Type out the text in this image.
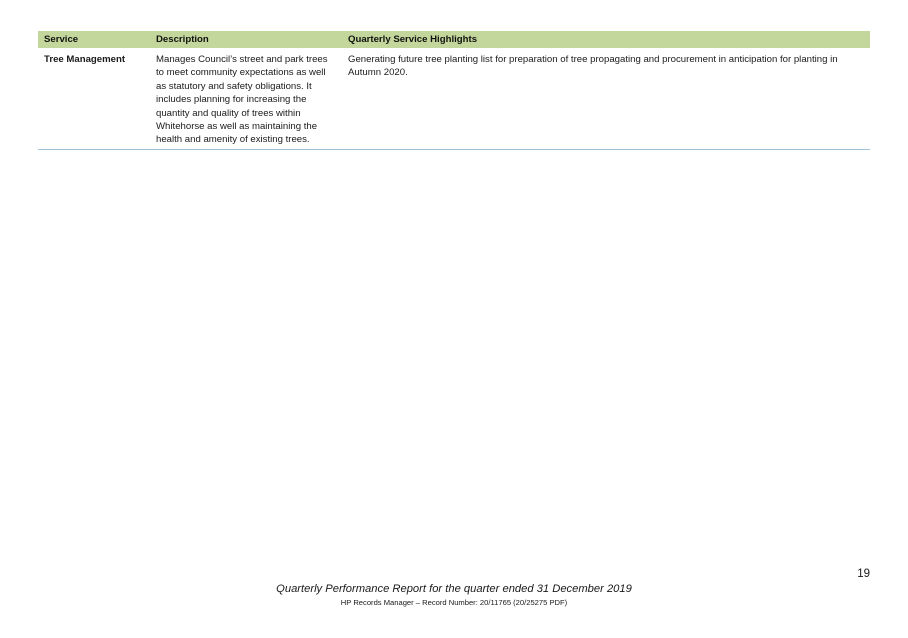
Service	Description	Quarterly Service Highlights
Tree Management	Manages Council’s street and park trees to meet community expectations as well as statutory and safety obligations. It includes planning for increasing the quantity and quality of trees within Whitehorse as well as maintaining the health and amenity of existing trees.	Generating future tree planting list for preparation of tree propagating and procurement in anticipation for planting in Autumn 2020.
19
Quarterly Performance Report for the quarter ended 31 December 2019
HP Records Manager – Record Number: 20/11765 (20/25275 PDF)
